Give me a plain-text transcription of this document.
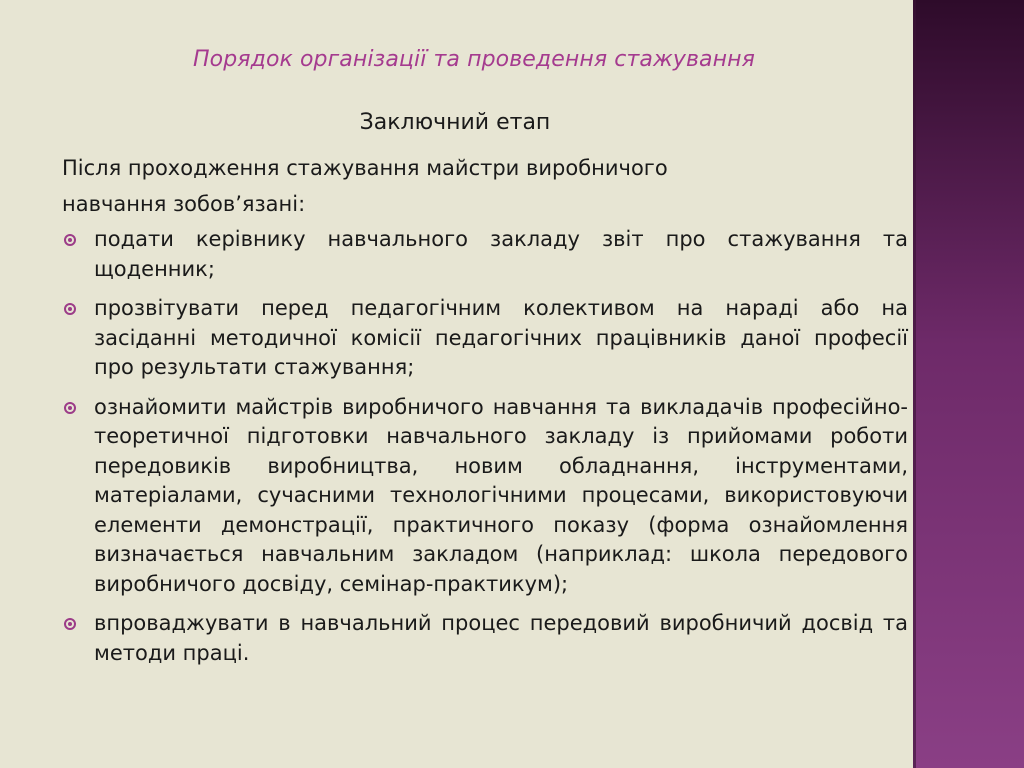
Порядок організації та проведення стажування
Заключний етап
Після проходження стажування майстри виробничого
навчання зобов’язані:
подати керівнику навчального закладу звіт про стажування та щоденник;
прозвітувати перед педагогічним колективом на нараді або на засіданні методичної комісії педагогічних працівників даної професії про результати стажування;
ознайомити майстрів виробничого навчання та викладачів професійно-теоретичної підготовки навчального закладу із прийомами роботи передовиків виробництва, новим обладнання, інструментами, матеріалами, сучасними технологічними процесами, використовуючи елементи демонстрації, практичного показу (форма ознайомлення визначається навчальним закладом (наприклад: школа передового виробничого досвіду, семінар-практикум);
впроваджувати в навчальний процес передовий виробничий досвід та методи праці.
